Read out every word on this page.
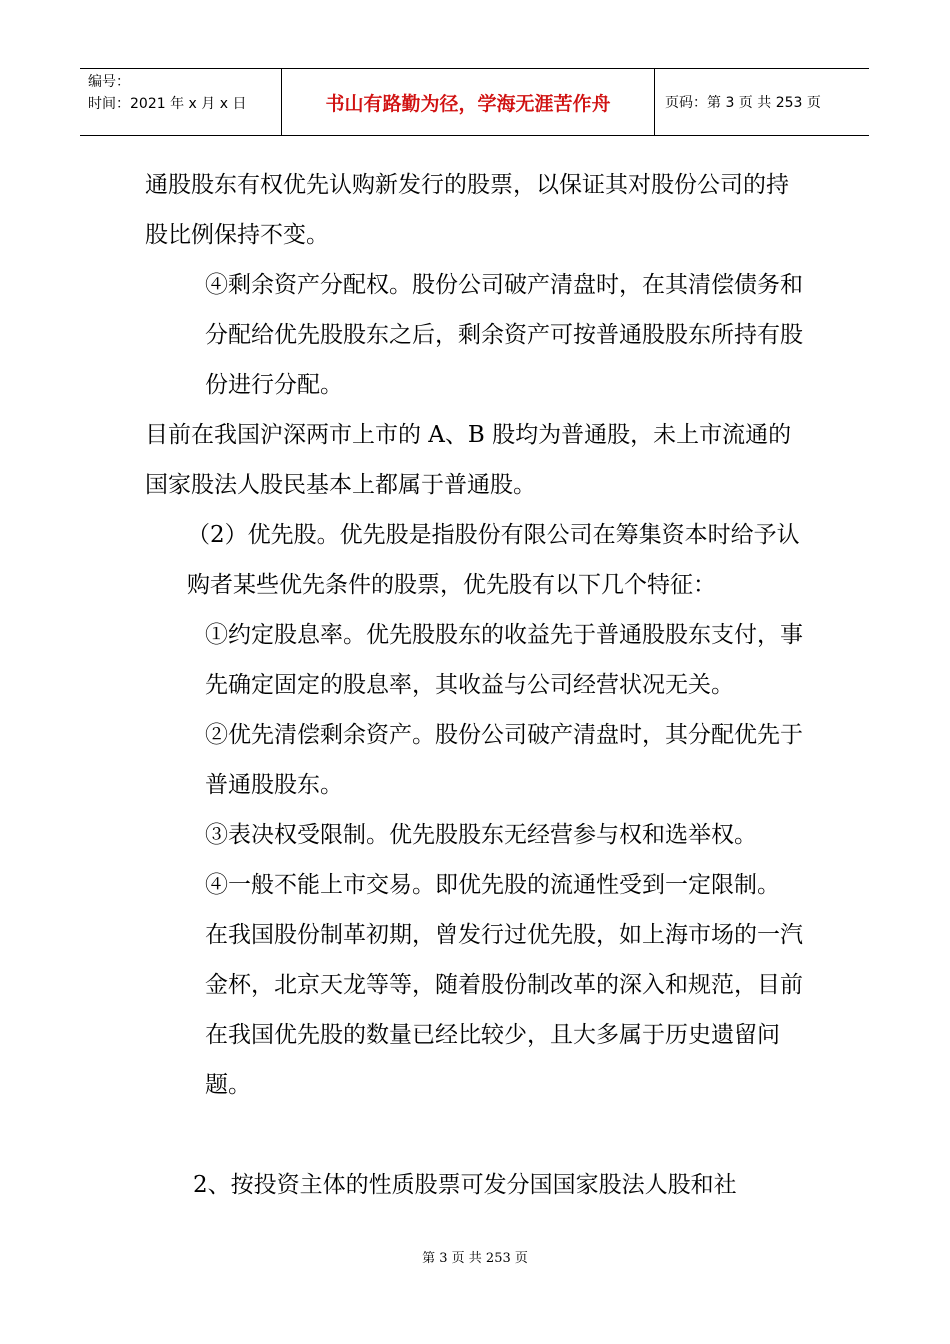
编号：
时间：2021 年 x 月 x 日	书山有路勤为径，学海无涯苦作舟	页码：第 3 页 共 253 页

通股股东有权优先认购新发行的股票，以保证其对股份公司的持股比例保持不变。

④剩余资产分配权。股份公司破产清盘时，在其清偿债务和分配给优先股股东之后，剩余资产可按普通股股东所持有股份进行分配。

目前在我国沪深两市上市的 A、B 股均为普通股，未上市流通的国家股法人股民基本上都属于普通股。

（2）优先股。优先股是指股份有限公司在筹集资本时给予认购者某些优先条件的股票，优先股有以下几个特征：

①约定股息率。优先股股东的收益先于普通股股东支付，事先确定固定的股息率，其收益与公司经营状况无关。

②优先清偿剩余资产。股份公司破产清盘时，其分配优先于普通股股东。

③表决权受限制。优先股股东无经营参与权和选举权。

④一般不能上市交易。即优先股的流通性受到一定限制。 在我国股份制革初期，曾发行过优先股，如上海市场的一汽金杯，北京天龙等等，随着股份制改革的深入和规范，目前在我国优先股的数量已经比较少，且大多属于历史遗留问题。

2、按投资主体的性质股票可发分国国家股法人股和社

第 3 页 共 253 页
